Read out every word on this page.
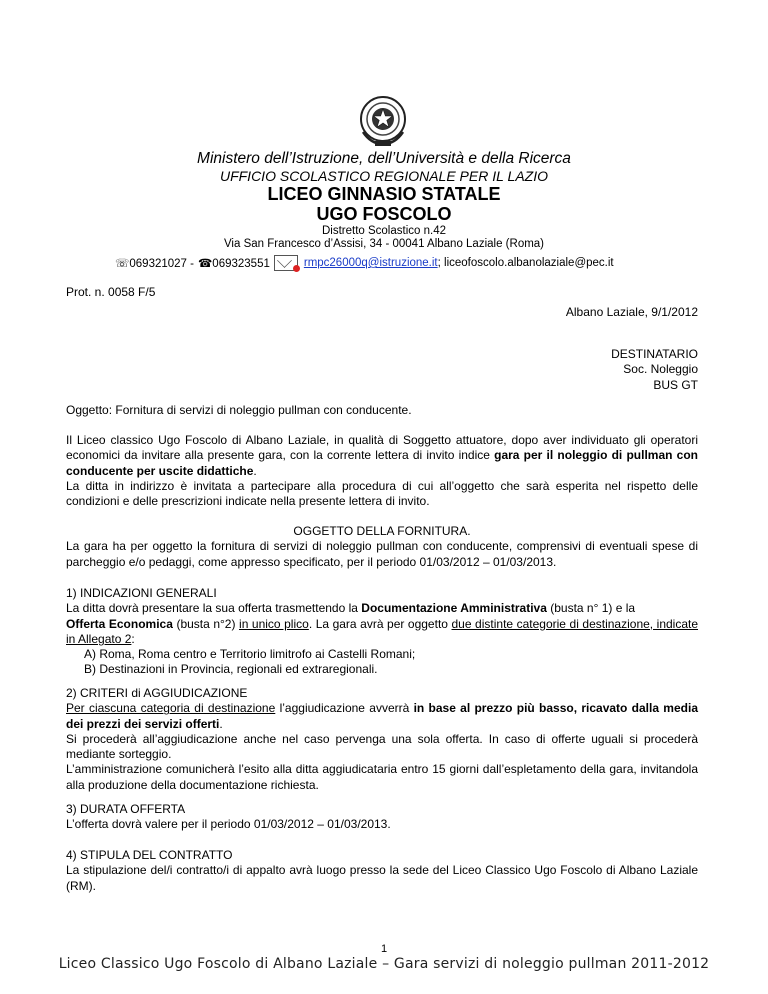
Ministero dell’Istruzione, dell’Università e della Ricerca
UFFICIO SCOLASTICO REGIONALE PER IL LAZIO
LICEO GINNASIO STATALE
UGO FOSCOLO
Distretto Scolastico n.42
Via San Francesco d’Assisi, 34 - 00041 Albano Laziale (Roma)
☏069321027 - ☎069323551	rmpc26000q@istruzione.it ; liceofoscolo.albanolaziale@pec.it
Prot. n. 0058 F/5
Albano Laziale, 9/1/2012
DESTINATARIO
Soc. Noleggio
BUS GT
Oggetto: Fornitura di servizi di noleggio pullman con conducente.
Il Liceo classico Ugo Foscolo di Albano Laziale, in qualità di Soggetto attuatore, dopo aver individuato gli operatori economici da invitare alla presente gara, con la corrente lettera di invito indice gara per il noleggio di pullman con conducente per uscite didattiche.
La ditta in indirizzo è invitata a partecipare alla procedura di cui all’oggetto che sarà esperita nel rispetto delle condizioni e delle prescrizioni indicate nella presente lettera di invito.
OGGETTO DELLA FORNITURA.
La gara ha per oggetto la fornitura di servizi di noleggio pullman con conducente, comprensivi di eventuali spese di parcheggio e/o pedaggi, come appresso specificato, per il periodo 01/03/2012 – 01/03/2013.
1) INDICAZIONI GENERALI
La ditta dovrà presentare la sua offerta trasmettendo la Documentazione Amministrativa (busta n° 1) e la
Offerta Economica (busta n°2) in unico plico. La gara avrà per oggetto due distinte categorie di destinazione, indicate in Allegato 2:
A) Roma, Roma centro e Territorio limitrofo ai Castelli Romani;
B) Destinazioni in Provincia, regionali ed extraregionali.
2) CRITERI di AGGIUDICAZIONE
Per ciascuna categoria di destinazione l’aggiudicazione avverrà in base al prezzo più basso, ricavato dalla media dei prezzi dei servizi offerti.
Si procederà all’aggiudicazione anche nel caso pervenga una sola offerta. In caso di offerte uguali si procederà mediante sorteggio.
L’amministrazione comunicherà l’esito alla ditta aggiudicataria entro 15 giorni dall’espletamento della gara, invitandola alla produzione della documentazione richiesta.
3) DURATA OFFERTA
L’offerta dovrà valere per il periodo 01/03/2012 – 01/03/2013.
4) STIPULA DEL CONTRATTO
La stipulazione del/i contratto/i di appalto avrà luogo presso la sede del Liceo Classico Ugo Foscolo di Albano Laziale (RM).
1
Liceo Classico Ugo Foscolo di Albano Laziale – Gara servizi di noleggio pullman 2011-2012
